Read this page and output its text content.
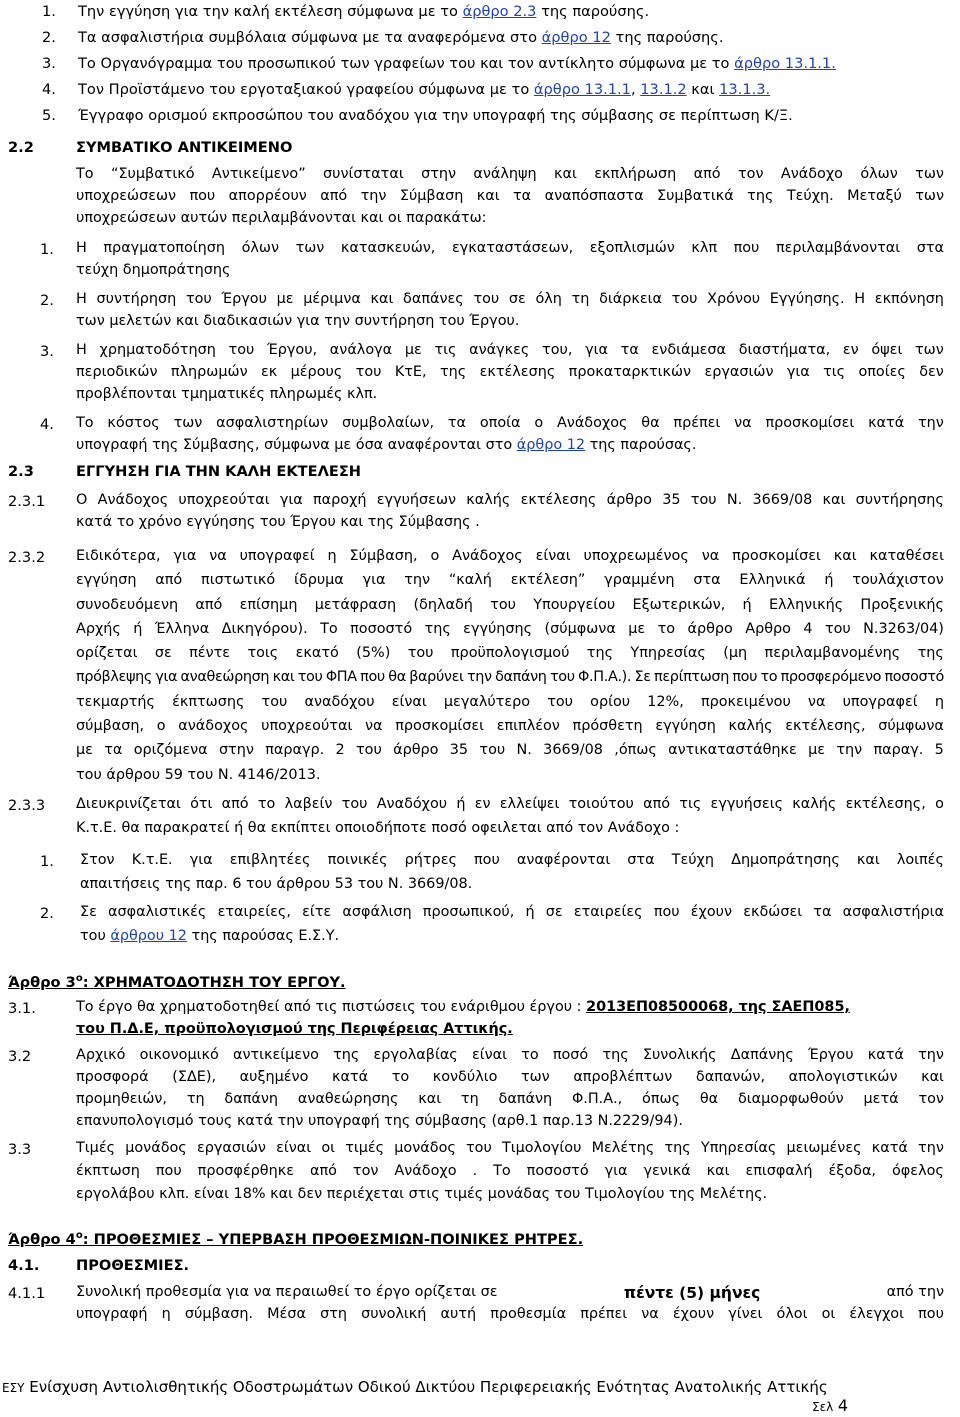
1. Την εγγύηση για την καλή εκτέλεση σύμφωνα με το άρθρο 2.3 της παρούσης.
2. Τα ασφαλιστήρια συμβόλαια σύμφωνα με τα αναφερόμενα στο άρθρο 12 της παρούσης.
3. Το Οργανόγραμμα του προσωπικού των γραφείων του και τον αντίκλητο σύμφωνα με το άρθρο 13.1.1.
4. Τον Προϊστάμενο του εργοταξιακού γραφείου σύμφωνα με το άρθρο 13.1.1, 13.1.2 και 13.1.3.
5. Έγγραφο ορισμού εκπροσώπου του αναδόχου για την υπογραφή της σύμβασης σε περίπτωση Κ/Ξ.
2.2	ΣΥΜΒΑΤΙΚΟ ΑΝΤΙΚΕΙΜΕΝΟ
Το “Συμβατικό Αντικείμενο” συνίσταται στην ανάληψη και εκπλήρωση από τον Ανάδοχο όλων των
υποχρεώσεων που απορρέουν από την Σύμβαση και τα αναπόσπαστα Συμβατικά της Τεύχη. Μεταξύ των
υποχρεώσεων αυτών περιλαμβάνονται και οι παρακάτω:
1. Η πραγματοποίηση όλων των κατασκευών, εγκαταστάσεων, εξοπλισμών κλπ που περιλαμβάνονται στα
τεύχη δημοπράτησης
2. Η συντήρηση του Έργου με μέριμνα και δαπάνες του σε όλη τη διάρκεια του Χρόνου Εγγύησης. Η εκπόνηση
των μελετών και διαδικασιών για την συντήρηση του Έργου.
3. Η χρηματοδότηση του Έργου, ανάλογα με τις ανάγκες του, για τα ενδιάμεσα διαστήματα, εν όψει των
περιοδικών πληρωμών εκ μέρους του ΚτΕ, της εκτέλεσης προκαταρκτικών εργασιών για τις οποίες δεν
προβλέπονται τμηματικές πληρωμές κλπ.
4. Το κόστος των ασφαλιστηρίων συμβολαίων, τα οποία ο Ανάδοχος θα πρέπει να προσκομίσει κατά την
υπογραφή της Σύμβασης, σύμφωνα με όσα αναφέρονται στο άρθρο 12 της παρούσας.
2.3	ΕΓΓΥΗΣΗ ΓΙΑ ΤΗΝ ΚΑΛΗ ΕΚΤΕΛΕΣΗ
2.3.1 Ο Ανάδοχος υποχρεούται για παροχή εγγυήσεων καλής εκτέλεσης άρθρο 35 του Ν. 3669/08 και συντήρησης
κατά το χρόνο εγγύησης του Έργου και της Σύμβασης .
2.3.2 Ειδικότερα, για να υπογραφεί η Σύμβαση, ο Ανάδοχος είναι υποχρεωμένος να προσκομίσει και καταθέσει
εγγύηση από πιστωτικό ίδρυμα για την “καλή εκτέλεση” γραμμένη στα Ελληνικά ή τουλάχιστον
συνοδευόμενη από επίσημη μετάφραση (δηλαδή του Υπουργείου Εξωτερικών, ή Ελληνικής Προξενικής
Αρχής ή Έλληνα Δικηγόρου). Το ποσοστό της εγγύησης (σύμφωνα με το άρθρο Αρθρο 4 του Ν.3263/04)
ορίζεται σε πέντε τοις εκατό (5%) του προϋπολογισμού της Υπηρεσίας (μη περιλαμβανομένης της
πρόβλεψης για αναθεώρηση και του ΦΠΑ που θα βαρύνει την δαπάνη του Φ.Π.Α.). Σε περίπτωση που το προσφερόμενο ποσοστό
τεκμαρτής έκπτωσης του αναδόχου είναι μεγαλύτερο του ορίου 12%, προκειμένου να υπογραφεί η
σύμβαση, ο ανάδοχος υποχρεούται να προσκομίσει επιπλέον πρόσθετη εγγύηση καλής εκτέλεσης, σύμφωνα
με τα οριζόμενα στην παραγρ. 2 του άρθρο 35 του Ν. 3669/08 ,όπως αντικαταστάθηκε με την παραγ. 5
του άρθρου 59 του Ν. 4146/2013.
2.3.3 Διευκρινίζεται ότι από το λαβείν του Αναδόχου ή εν ελλείψει τοιούτου από τις εγγυήσεις καλής εκτέλεσης, ο
Κ.τ.Ε. θα παρακρατεί ή θα εκπίπτει οποιοδήποτε ποσό οφειλεται από τον Ανάδοχο :
1. Στον Κ.τ.Ε. για επιβλητέες ποινικές ρήτρες που αναφέρονται στα Τεύχη Δημοπράτησης και λοιπές
απαιτήσεις της παρ. 6 του άρθρου 53 του Ν. 3669/08.
2. Σε ασφαλιστικές εταιρείες, είτε ασφάλιση προσωπικού, ή σε εταιρείες που έχουν εκδώσει τα ασφαλιστήρια
του άρθρου 12 της παρούσας Ε.Σ.Υ.
Άρθρο $3^o$: ΧΡΗΜΑΤΟΔΟΤΗΣΗ ΤΟΥ ΕΡΓΟΥ.
3.1.	Το έργο θα χρηματοδοτηθεί από τις πιστώσεις του ενάριθμου έργου : 2013ΕΠ08500068, της ΣΑΕΠ085,
του Π.Δ.Ε, προϋπολογισμού της Περιφέρειας Αττικής.
3.2	Αρχικό οικονομικό αντικείμενο της εργολαβίας είναι το ποσό της Συνολικής Δαπάνης Έργου κατά την
προσφορά (ΣΔΕ), αυξημένο κατά το κονδύλιο των απροβλέπτων δαπανών, απολογιστικών και
προμηθειών, τη δαπάνη αναθεώρησης και τη δαπάνη Φ.Π.Α., όπως θα διαμορφωθούν μετά τον
επανυπολογισμό τους κατά την υπογραφή της σύμβασης (αρθ.1 παρ.13 Ν.2229/94).
3.3	Τιμές μονάδος εργασιών είναι οι τιμές μονάδος του Τιμολογίου Μελέτης της Υπηρεσίας μειωμένες κατά την
έκπτωση που προσφέρθηκε από τον Ανάδοχο . Το ποσοστό για γενικά και επισφαλή έξοδα, όφελος
εργολάβου κλπ. είναι 18% και δεν περιέχεται στις τιμές μονάδας του Τιμολογίου της Μελέτης.
Άρθρο $4^o$: ΠΡΟΘΕΣΜΙΕΣ – ΥΠΕΡΒΑΣΗ ΠΡΟΘΕΣΜΙΩΝ-ΠΟΙΝΙΚΕΣ ΡΗΤΡΕΣ.
4.1.	ΠΡΟΘΕΣΜΙΕΣ.
4.1.1 Συνολική προθεσμία για να περαιωθεί το έργο ορίζεται σε	πέντε (5) μήνες	από την
υπογραφή η σύμβαση. Μέσα στη συνολική αυτή προθεσμία πρέπει να έχουν γίνει όλοι οι έλεγχοι που
ΕΣΥ Ενίσχυση Αντιολισθητικής Οδοστρωμάτων Οδικού Δικτύου Περιφερειακής Ενότητας Ανατολικής Αττικής
Σελ 4
